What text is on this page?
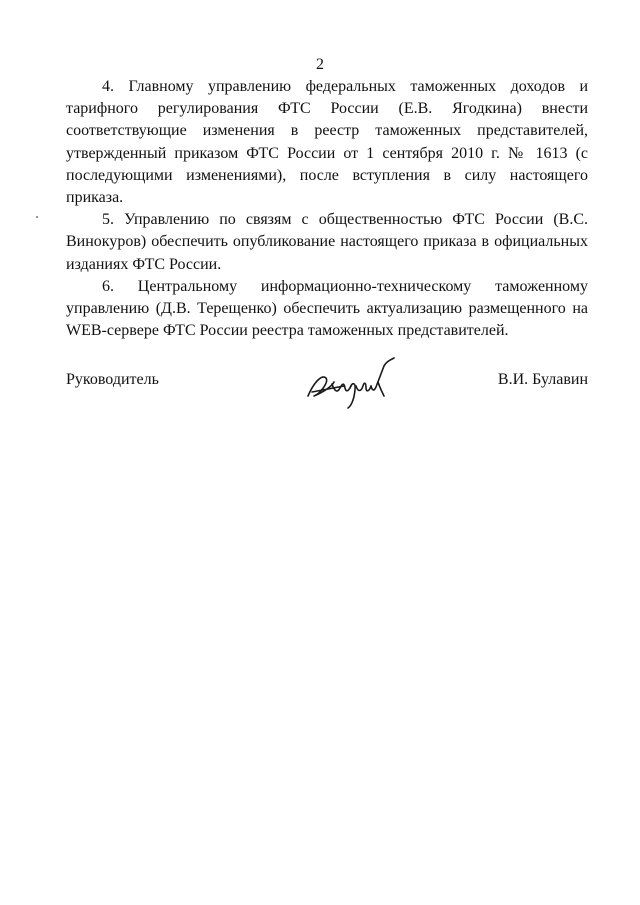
2

4. Главному управлению федеральных таможенных доходов и тарифного регулирования ФТС России (Е.В. Ягодкина) внести соответствующие изменения в реестр таможенных представителей, утвержденный приказом ФТС России от 1 сентября 2010 г. № 1613 (с последующими изменениями), после вступления в силу настоящего приказа.

5. Управлению по связям с общественностью ФТС России (В.С. Винокуров) обеспечить опубликование настоящего приказа в официальных изданиях ФТС России.

6. Центральному информационно-техническому таможенному управлению (Д.В. Терещенко) обеспечить актуализацию размещенного на WEB-сервере ФТС России реестра таможенных представителей.

Руководитель	В.И. Булавин
